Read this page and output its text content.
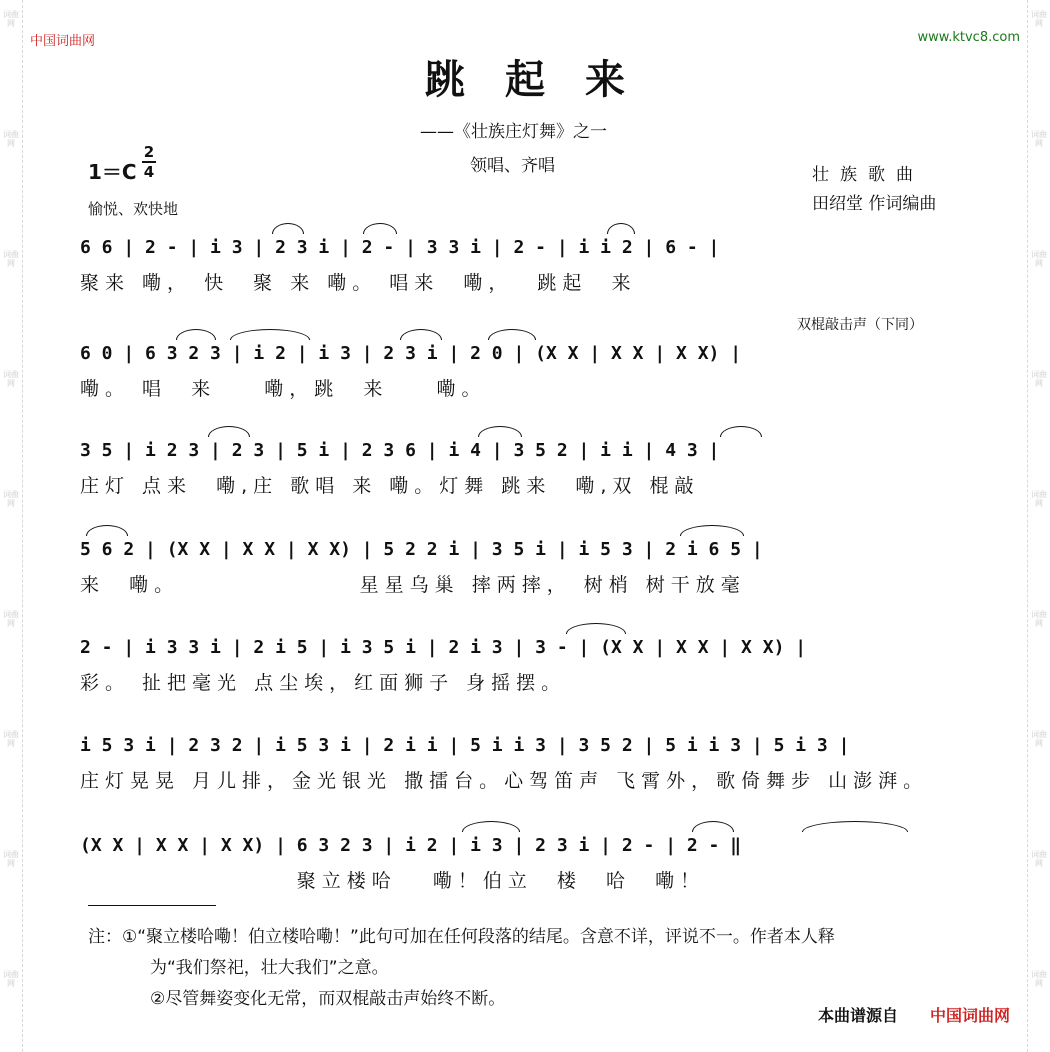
词曲网
词曲网
词曲网
词曲网
词曲网
词曲网
词曲网
词曲网
词曲网
词曲网
词曲网
词曲网
词曲网
词曲网
词曲网
词曲网
词曲网
词曲网
中国词曲网	www.ktvc8.com
跳起来
——《壮族庄灯舞》之一
领唱、齐唱
1＝C
2
4
愉悦、欢快地
壮族歌曲
田绍堂 作词编曲
双棍敲击声（下同）
6 6 | 2 - | i 3 | 2 3 i | 2 - | 3 3 i | 2 - | i i 2 | 6 - |
聚来 嘞， 快  聚 来 嘞。 唱来  嘞，  跳起  来
6 0 | 6 3 2 3 | i 2 | i 3 | 2 3 i | 2 0 | (X X | X X | X X) |
嘞。 唱  来    嘞，跳  来    嘞。
3 5 | i 2 3 | 2 3 | 5 i | 2 3 6 | i 4 | 3 5 2 | i i | 4 3 |
庄灯 点来  嘞,庄 歌唱 来 嘞。灯舞 跳来  嘞,双 棍敲
5 6 2 | (X X | X X | X X) | 5 2 2 i | 3 5 i | i 5 3 | 2 i 6 5 |
来  嘞。               星星乌巢 摔两摔， 树梢 树干放毫
2 - | i 3 3 i | 2 i 5 | i 3 5 i | 2 i 3 | 3 - | (X X | X X | X X) |
彩。 扯把毫光 点尘埃，红面狮子 身摇摆。
i 5 3 i | 2 3 2 | i 5 3 i | 2 i i | 5 i i 3 | 3 5 2 | 5 i i 3 | 5 i 3 |
庄灯晃晃 月儿排，金光银光 撒擂台。心驾笛声 飞霄外，歌倚舞步 山澎湃。
(X X | X X | X X) | 6 3 2 3 | i 2 | i 3 | 2 3 i | 2 - | 2 - ‖
聚立楼哈   嘞！伯立  楼  哈  嘞！
注：①“聚立楼哈嘞！伯立楼哈嘞！”此句可加在任何段落的结尾。含意不详，评说不一。作者本人释
为“我们祭祀，壮大我们”之意。
②尽管舞姿变化无常，而双棍敲击声始终不断。
本曲谱源自 中国词曲网
